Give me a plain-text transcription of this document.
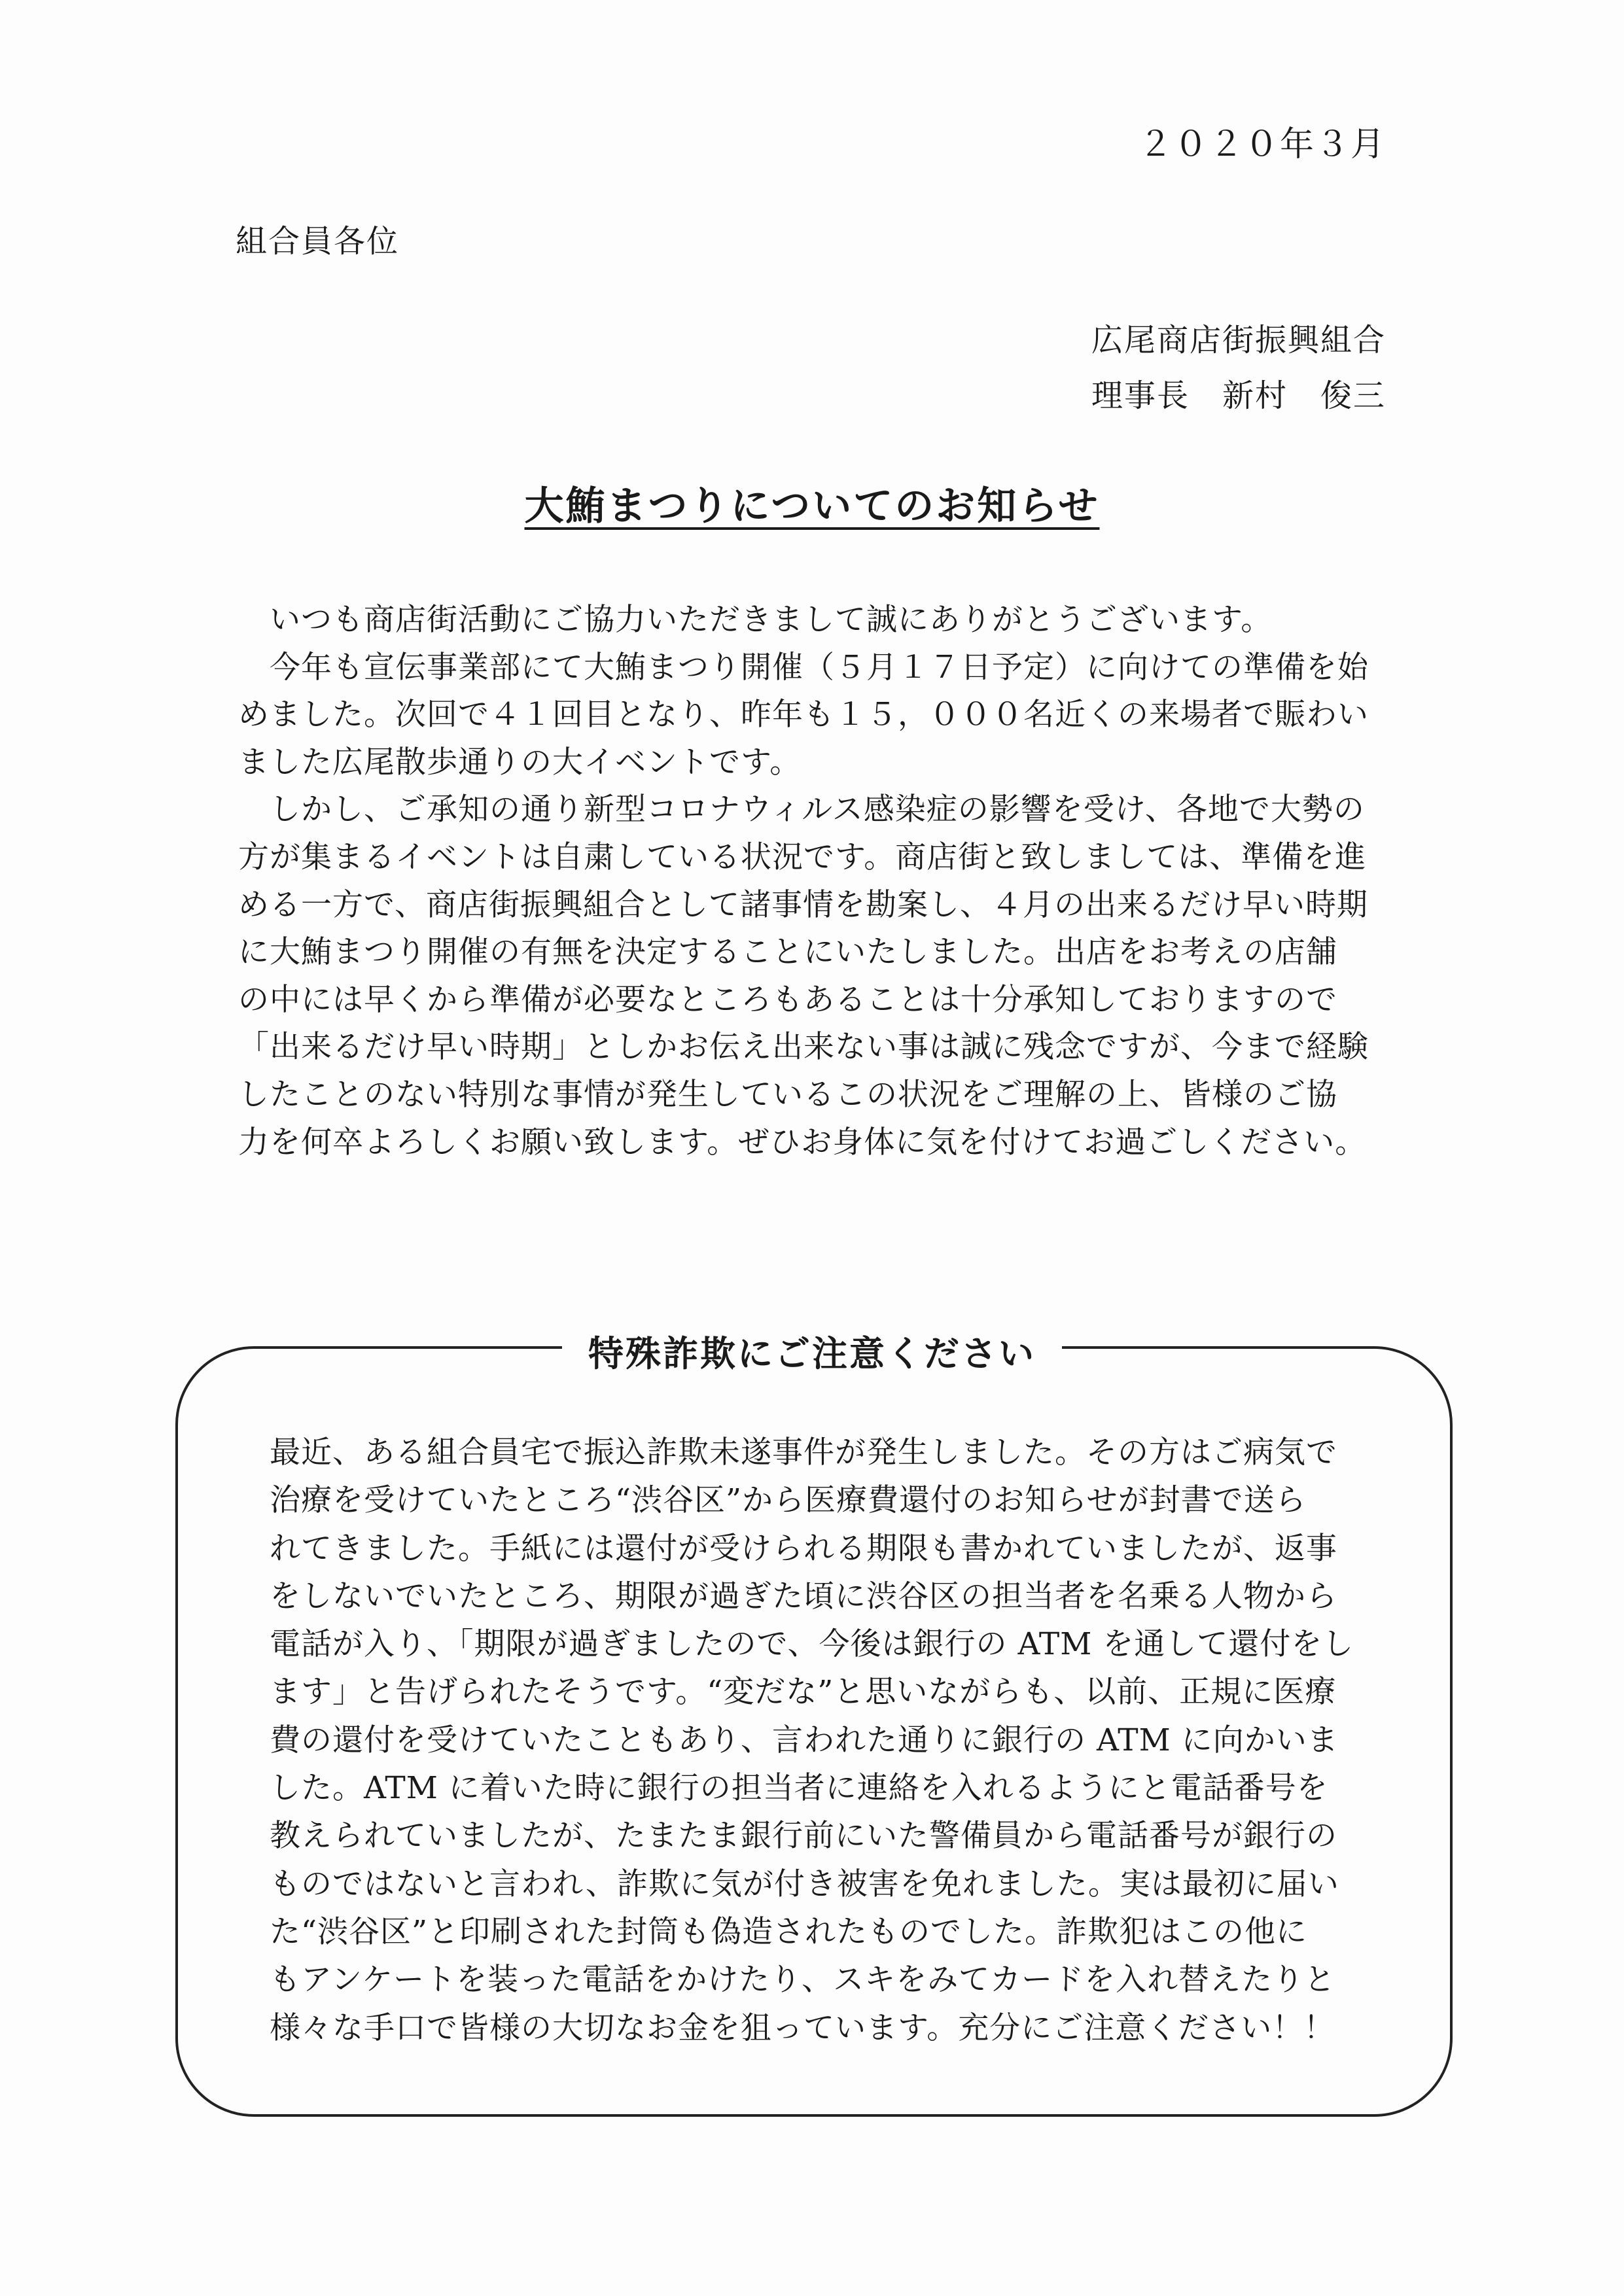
２０２０年３月
組合員各位
広尾商店街振興組合
理事長　新村　俊三
大鮪まつりについてのお知らせ
　いつも商店街活動にご協力いただきまして誠にありがとうございます。
　今年も宣伝事業部にて大鮪まつり開催（５月１７日予定）に向けての準備を始
めました。次回で４１回目となり、昨年も１５，０００名近くの来場者で賑わい
ました広尾散歩通りの大イベントです。
　しかし、ご承知の通り新型コロナウィルス感染症の影響を受け、各地で大勢の
方が集まるイベントは自粛している状況です。商店街と致しましては、準備を進
める一方で、商店街振興組合として諸事情を勘案し、４月の出来るだけ早い時期
に大鮪まつり開催の有無を決定することにいたしました。出店をお考えの店舗
の中には早くから準備が必要なところもあることは十分承知しておりますので
「出来るだけ早い時期」としかお伝え出来ない事は誠に残念ですが、今まで経験
したことのない特別な事情が発生しているこの状況をご理解の上、皆様のご協
力を何卒よろしくお願い致します。ぜひお身体に気を付けてお過ごしください。
特殊詐欺にご注意ください
最近、ある組合員宅で振込詐欺未遂事件が発生しました。その方はご病気で
治療を受けていたところ“渋谷区”から医療費還付のお知らせが封書で送ら
れてきました。手紙には還付が受けられる期限も書かれていましたが、返事
をしないでいたところ、期限が過ぎた頃に渋谷区の担当者を名乗る人物から
電話が入り、「期限が過ぎましたので、今後は銀行の ATM を通して還付をし
ます」と告げられたそうです。“変だな”と思いながらも、以前、正規に医療
費の還付を受けていたこともあり、言われた通りに銀行の ATM に向かいま
した。ATM に着いた時に銀行の担当者に連絡を入れるようにと電話番号を
教えられていましたが、たまたま銀行前にいた警備員から電話番号が銀行の
ものではないと言われ、詐欺に気が付き被害を免れました。実は最初に届い
た“渋谷区”と印刷された封筒も偽造されたものでした。詐欺犯はこの他に
もアンケートを装った電話をかけたり、スキをみてカードを入れ替えたりと
様々な手口で皆様の大切なお金を狙っています。充分にご注意ください！！
